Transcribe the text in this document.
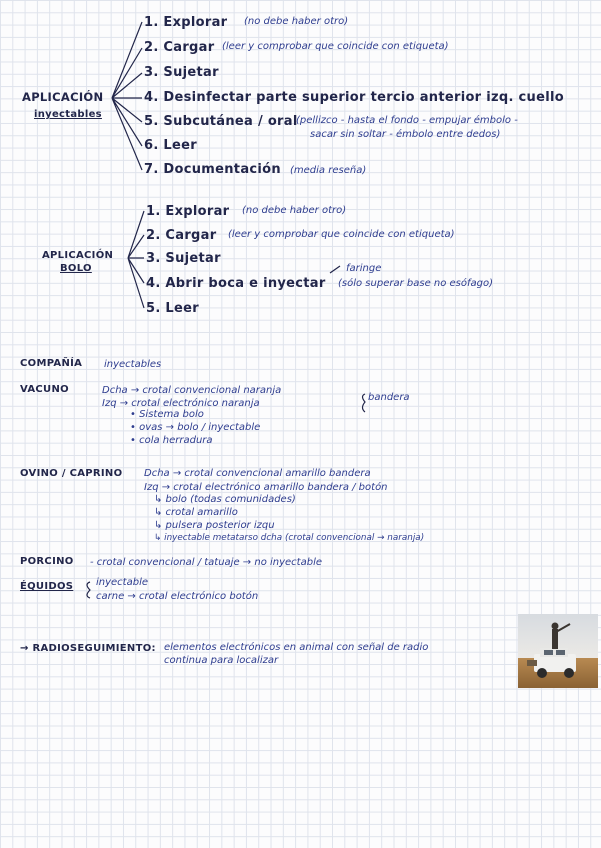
APLICACIÓN
inyectables
1. Explorar (no debe haber otro)
2. Cargar (leer y comprobar que coincide con etiqueta)
3. Sujetar
4. Desinfectar parte superior tercio anterior izq. cuello
5. Subcutánea / oral
(pellizco - hasta el fondo - empujar émbolo -
sacar sin soltar - émbolo entre dedos)
6. Leer
7. Documentación (media reseña)
APLICACIÓN
BOLO
1. Explorar (no debe haber otro)
2. Cargar (leer y comprobar que coincide con etiqueta)
3. Sujetar
faringe
4. Abrir boca e inyectar (sólo superar base no esófago)
5. Leer
COMPAÑÍA inyectables
VACUNO	Dcha → crotal convencional naranja
Izq → crotal electrónico naranja
bandera
• Sistema bolo
• ovas → bolo / inyectable
• cola herradura
OVINO / CAPRINO Dcha → crotal convencional amarillo bandera
Izq → crotal electrónico amarillo bandera / botón
↳ bolo (todas comunidades)
↳ crotal amarillo
↳ pulsera posterior izqu
↳ inyectable metatarso dcha (crotal convencional → naranja)
PORCINO - crotal convencional / tatuaje → no inyectable
ÉQUIDOS inyectable
carne → crotal electrónico botón
→ RADIOSEGUIMIENTO: elementos electrónicos en animal con señal de radio
continua para localizar
